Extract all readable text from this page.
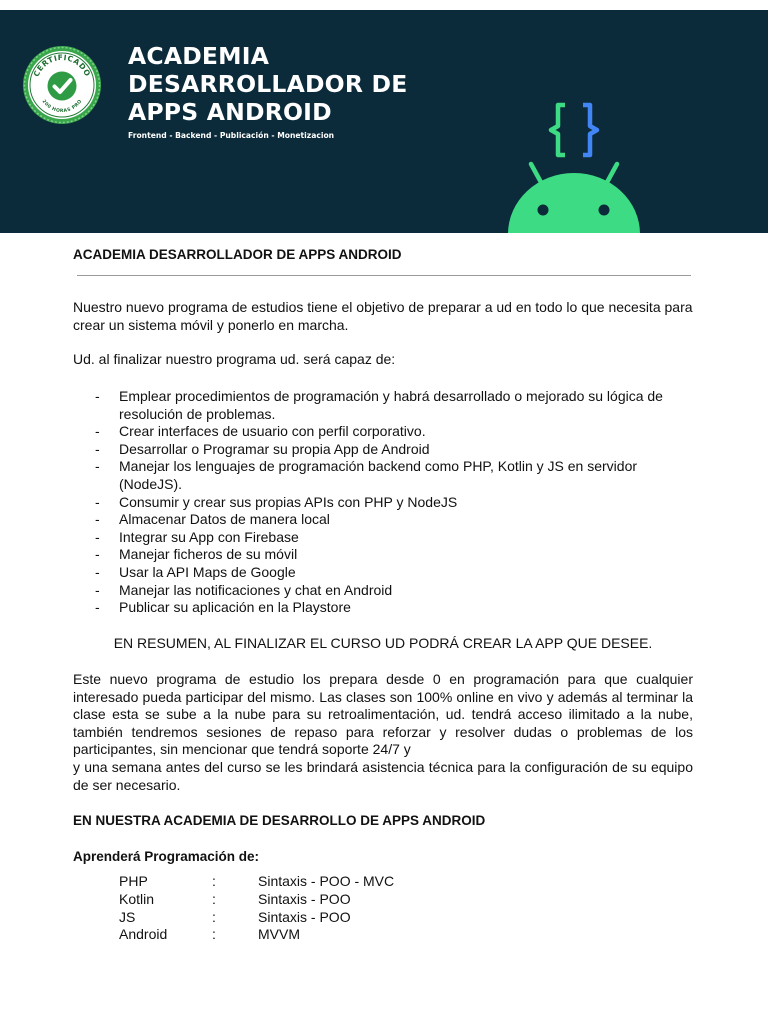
CERTIFICADO
200 HORAS PRO
ACADEMIA
DESARROLLADOR DE
APPS ANDROID
Frontend - Backend - Publicación - Monetizacion
ACADEMIA DESARROLLADOR DE APPS ANDROID
Nuestro nuevo programa de estudios tiene el objetivo de preparar a ud en todo lo que necesita para crear un sistema móvil y ponerlo en marcha.
Ud. al finalizar nuestro programa ud. será capaz de:
- Emplear procedimientos de programación y habrá desarrollado o mejorado su lógica de resolución de problemas.
- Crear interfaces de usuario con perfil corporativo.
- Desarrollar o Programar su propia App de Android
- Manejar los lenguajes de programación backend como PHP, Kotlin y JS en servidor (NodeJS).
- Consumir y crear sus propias APIs con PHP y NodeJS
- Almacenar Datos de manera local
- Integrar su App con Firebase
- Manejar ficheros de su móvil
- Usar la API Maps de Google
- Manejar las notificaciones y chat en Android
- Publicar su aplicación en la Playstore
EN RESUMEN, AL FINALIZAR EL CURSO UD PODRÁ CREAR LA APP QUE DESEE.
Este nuevo programa de estudio los prepara desde 0 en programación para que cualquier interesado pueda participar del mismo. Las clases son 100% online en vivo y además al terminar la clase esta se sube a la nube para su retroalimentación, ud. tendrá acceso ilimitado a la nube, también tendremos sesiones de repaso para reforzar y resolver dudas o problemas de los participantes, sin mencionar que tendrá soporte 24/7 y
y una semana antes del curso se les brindará asistencia técnica para la configuración de su equipo de ser necesario.
EN NUESTRA ACADEMIA DE DESARROLLO DE APPS ANDROID
Aprenderá Programación de:
PHP	:	Sintaxis - POO - MVC
Kotlin	:	Sintaxis - POO
JS	:	Sintaxis - POO
Android	:	MVVM
